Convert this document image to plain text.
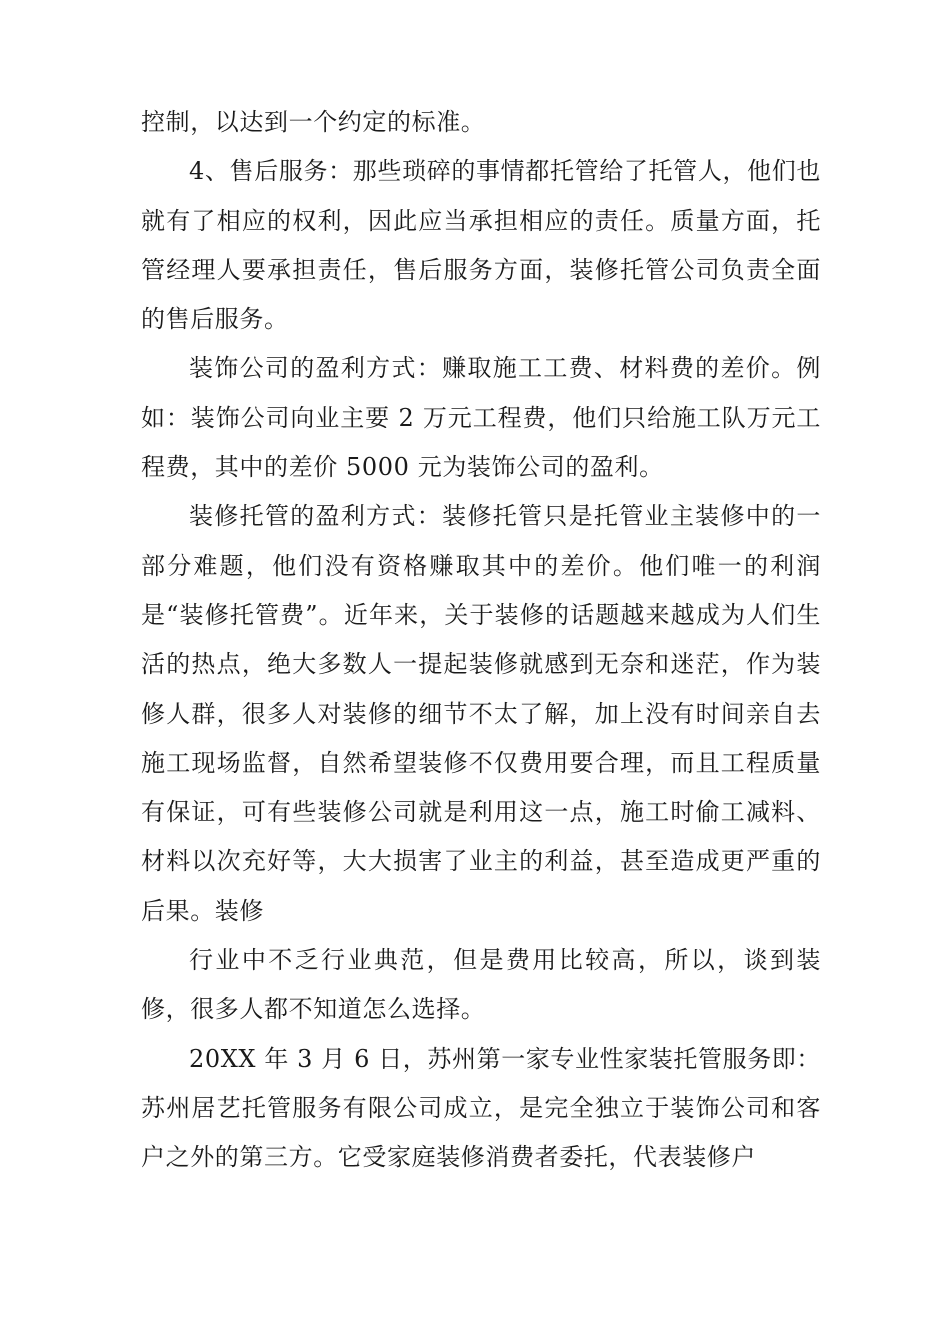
控制，以达到一个约定的标准。

4、售后服务：那些琐碎的事情都托管给了托管人，他们也就有了相应的权利，因此应当承担相应的责任。质量方面，托管经理人要承担责任，售后服务方面，装修托管公司负责全面的售后服务。

装饰公司的盈利方式：赚取施工工费、材料费的差价。例如：装饰公司向业主要 2 万元工程费，他们只给施工队万元工程费，其中的差价 5000 元为装饰公司的盈利。

装修托管的盈利方式：装修托管只是托管业主装修中的一部分难题，他们没有资格赚取其中的差价。他们唯一的利润是“装修托管费”。近年来，关于装修的话题越来越成为人们生活的热点，绝大多数人一提起装修就感到无奈和迷茫，作为装修人群，很多人对装修的细节不太了解，加上没有时间亲自去施工现场监督，自然希望装修不仅费用要合理，而且工程质量有保证，可有些装修公司就是利用这一点，施工时偷工减料、材料以次充好等，大大损害了业主的利益，甚至造成更严重的后果。装修

行业中不乏行业典范，但是费用比较高，所以，谈到装修，很多人都不知道怎么选择。

20XX 年 3 月 6 日，苏州第一家专业性家装托管服务即：苏州居艺托管服务有限公司成立，是完全独立于装饰公司和客户之外的第三方。它受家庭装修消费者委托，代表装修户
